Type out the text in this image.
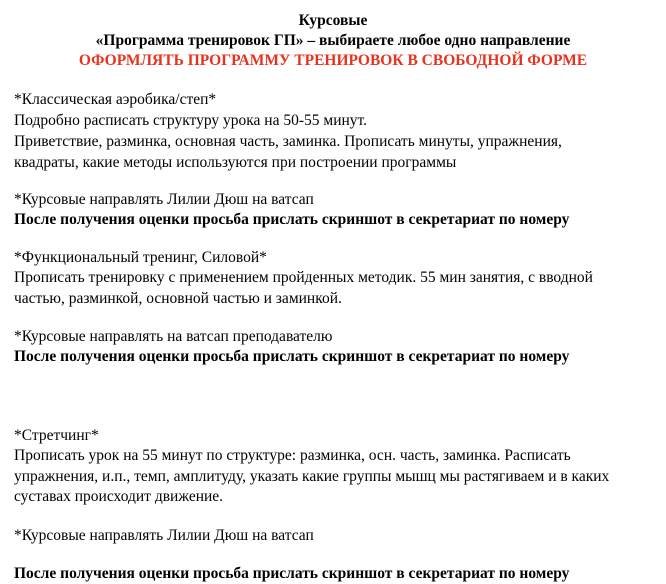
Курсовые
«Программа тренировок ГП» – выбираете любое одно направление
ОФОРМЛЯТЬ ПРОГРАММУ ТРЕНИРОВОК В СВОБОДНОЙ ФОРМЕ
*Классическая аэробика/степ*
Подробно расписать структуру урока на 50-55 минут.
Приветствие, разминка, основная часть, заминка. Прописать минуты, упражнения,
квадраты, какие методы используются при построении программы
*Курсовые направлять Лилии Дюш на ватсап
После получения оценки просьба прислать скриншот в секретариат по номеру
*Функциональный тренинг, Силовой*
Прописать тренировку с применением пройденных методик. 55 мин занятия, с вводной
частью, разминкой, основной частью и заминкой.
*Курсовые направлять на ватсап преподавателю
После получения оценки просьба прислать скриншот в секретариат по номеру
*Стретчинг*
Прописать урок на 55 минут по структуре: разминка, осн. часть, заминка. Расписать
упражнения, и.п., темп, амплитуду, указать какие группы мышц мы растягиваем и в каких
суставах происходит движение.
*Курсовые направлять Лилии Дюш на ватсап
После получения оценки просьба прислать скриншот в секретариат по номеру
